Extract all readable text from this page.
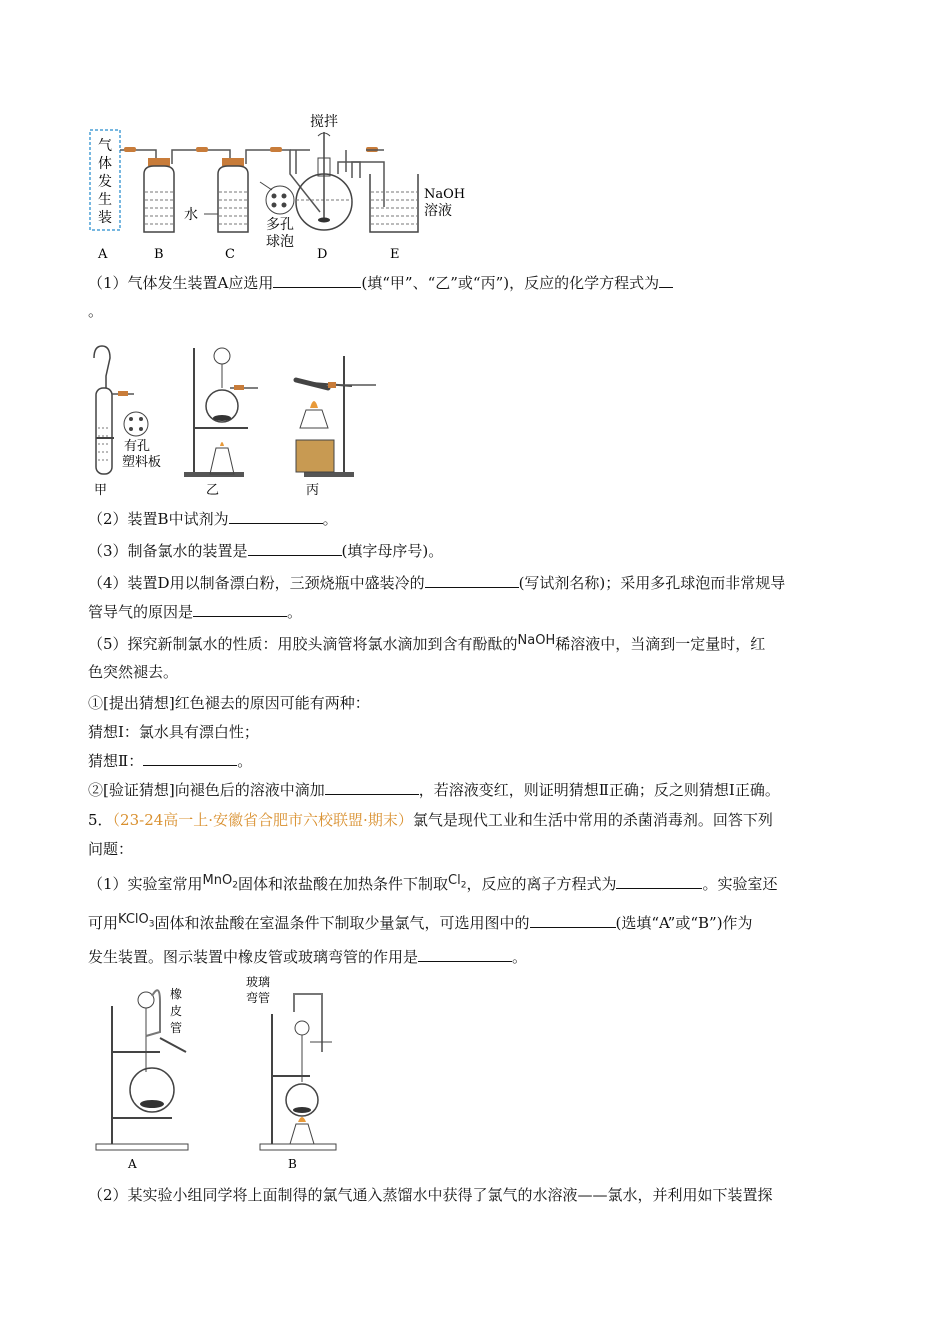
气
体
发
生
装	水
多孔
球泡
搅拌
NaOH
溶液
A	B	C	D	E
（1）气体发生装置A应选用	(填“甲”、“乙”或“丙”)，反应的化学方程式为
。
有孔
塑料板
甲	乙	丙
（2）装置B中试剂为	。
（3）制备氯水的装置是	(填字母序号)。
（4）装置D用以制备漂白粉，三颈烧瓶中盛装冷的	(写试剂名称)；采用多孔球泡而非常规导
管导气的原因是	。
（5）探究新制氯水的性质：用胶头滴管将氯水滴加到含有酚酞的NaOH稀溶液中，当滴到一定量时，红
色突然褪去。
①[提出猜想]红色褪去的原因可能有两种：
猜想Ⅰ：氯水具有漂白性；
猜想Ⅱ：	。
②[验证猜想]向褪色后的溶液中滴加	，若溶液变红，则证明猜想Ⅱ正确；反之则猜想Ⅰ正确。
5．（23-24高一上·安徽省合肥市六校联盟·期末）氯气是现代工业和生活中常用的杀菌消毒剂。回答下列
问题：
（1）实验室常用MnO$_2$固体和浓盐酸在加热条件下制取$Cl_2$，反应的离子方程式为	。实验室还
可用KClO$_3$固体和浓盐酸在室温条件下制取少量氯气，可选用图中的	(选填“A”或“B”)作为
发生装置。图示装置中橡皮管或玻璃弯管的作用是	。
橡
皮
管
A
玻璃
弯管
B
（2）某实验小组同学将上面制得的氯气通入蒸馏水中获得了氯气的水溶液——氯水，并利用如下装置探
